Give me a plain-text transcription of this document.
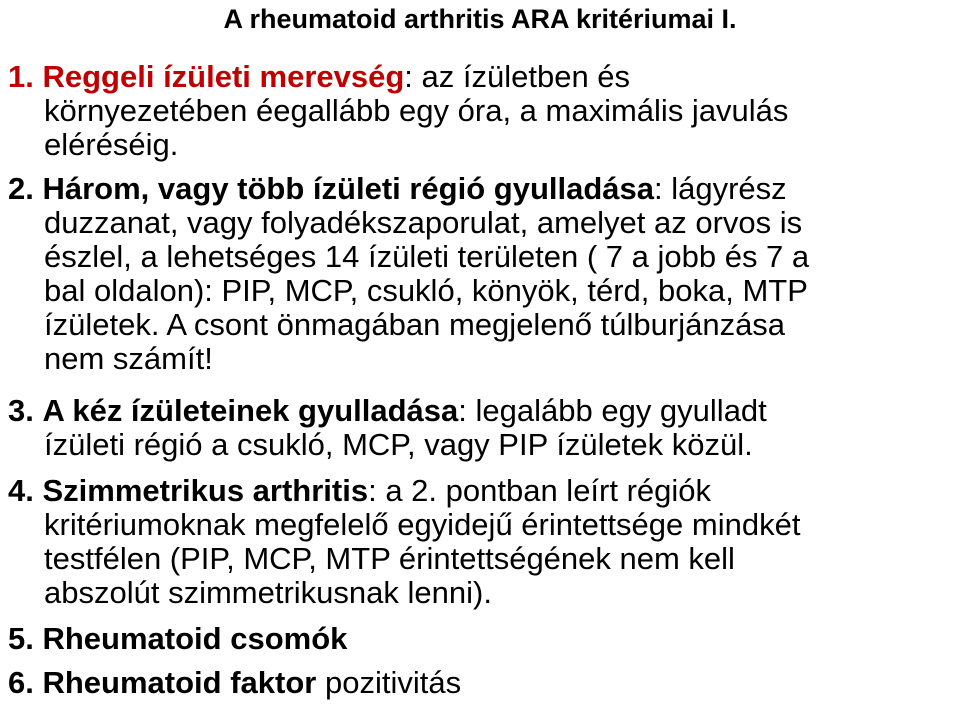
A rheumatoid arthritis ARA kritériumai I.
1. Reggeli ízületi merevség: az ízületben és
környezetében éegallább egy óra, a maximális javulás
eléréséig.
2. Három, vagy több ízületi régió gyulladása: lágyrész
duzzanat, vagy folyadékszaporulat, amelyet az orvos is
észlel, a lehetséges 14 ízületi területen ( 7 a jobb és 7 a
bal oldalon): PIP, MCP, csukló, könyök, térd, boka, MTP
ízületek. A csont önmagában megjelenő túlburjánzása
nem számít!
3. A kéz ízületeinek gyulladása: legalább egy gyulladt
ízületi régió a csukló, MCP, vagy PIP ízületek közül.
4. Szimmetrikus arthritis: a 2. pontban leírt régiók
kritériumoknak megfelelő egyidejű érintettsége mindkét
testfélen (PIP, MCP, MTP érintettségének nem kell
abszolút szimmetrikusnak lenni).
5. Rheumatoid csomók
6. Rheumatoid faktor pozitivitás
